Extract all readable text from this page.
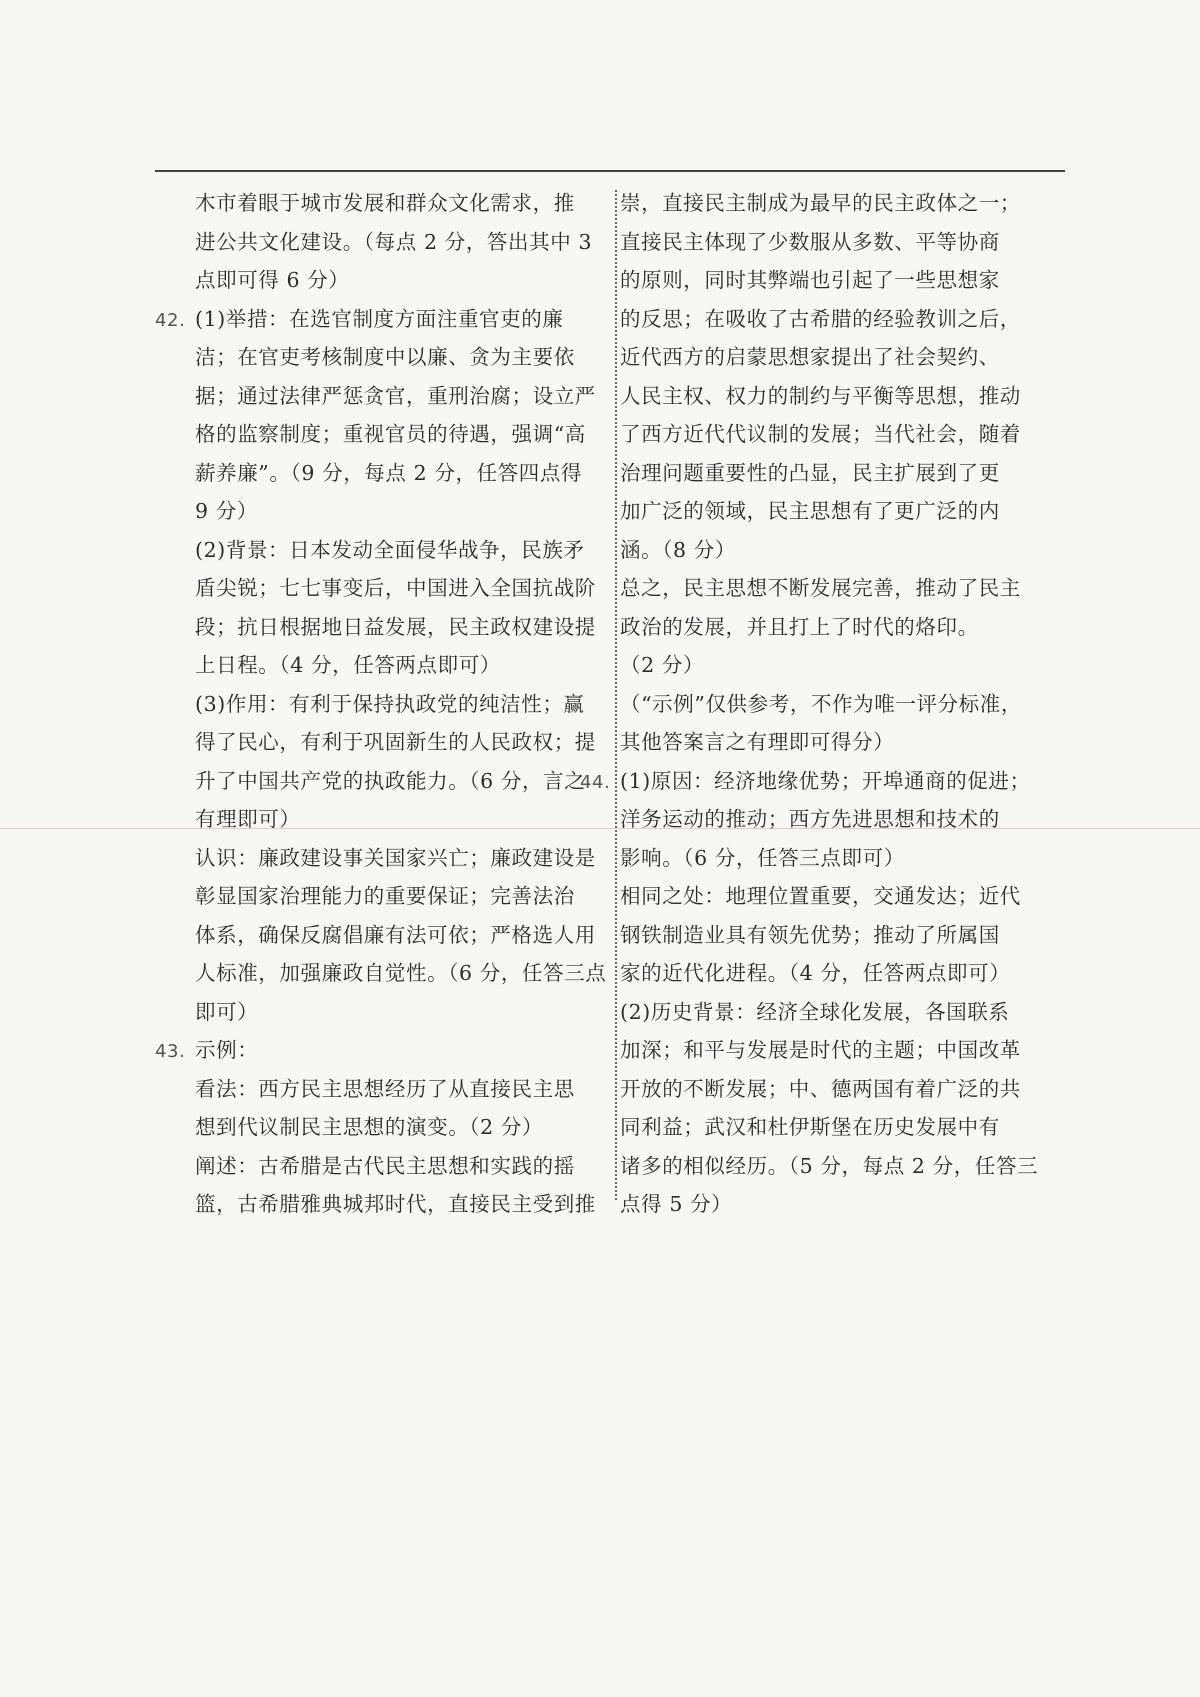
木市着眼于城市发展和群众文化需求，推
进公共文化建设。（每点 2 分，答出其中 3
点即可得 6 分）
42. (1)举措：在选官制度方面注重官吏的廉
洁；在官吏考核制度中以廉、贪为主要依
据；通过法律严惩贪官，重刑治腐；设立严
格的监察制度；重视官员的待遇，强调“高
薪养廉”。（9 分，每点 2 分，任答四点得
9 分）
(2)背景：日本发动全面侵华战争，民族矛
盾尖锐；七七事变后，中国进入全国抗战阶
段；抗日根据地日益发展，民主政权建设提
上日程。（4 分，任答两点即可）
(3)作用：有利于保持执政党的纯洁性；赢
得了民心，有利于巩固新生的人民政权；提
升了中国共产党的执政能力。（6 分，言之
有理即可）
认识：廉政建设事关国家兴亡；廉政建设是
彰显国家治理能力的重要保证；完善法治
体系，确保反腐倡廉有法可依；严格选人用
人标准，加强廉政自觉性。（6 分，任答三点
即可）
43. 示例：
看法：西方民主思想经历了从直接民主思
想到代议制民主思想的演变。（2 分）
阐述：古希腊是古代民主思想和实践的摇
篮，古希腊雅典城邦时代，直接民主受到推
崇，直接民主制成为最早的民主政体之一；
直接民主体现了少数服从多数、平等协商
的原则，同时其弊端也引起了一些思想家
的反思；在吸收了古希腊的经验教训之后，
近代西方的启蒙思想家提出了社会契约、
人民主权、权力的制约与平衡等思想，推动
了西方近代代议制的发展；当代社会，随着
治理问题重要性的凸显，民主扩展到了更
加广泛的领域，民主思想有了更广泛的内
涵。（8 分）
总之，民主思想不断发展完善，推动了民主
政治的发展，并且打上了时代的烙印。
（2 分）
（“示例”仅供参考，不作为唯一评分标准，
其他答案言之有理即可得分）
44. (1)原因：经济地缘优势；开埠通商的促进；
洋务运动的推动；西方先进思想和技术的
影响。（6 分，任答三点即可）
相同之处：地理位置重要，交通发达；近代
钢铁制造业具有领先优势；推动了所属国
家的近代化进程。（4 分，任答两点即可）
(2)历史背景：经济全球化发展，各国联系
加深；和平与发展是时代的主题；中国改革
开放的不断发展；中、德两国有着广泛的共
同利益；武汉和杜伊斯堡在历史发展中有
诸多的相似经历。（5 分，每点 2 分，任答三
点得 5 分）
